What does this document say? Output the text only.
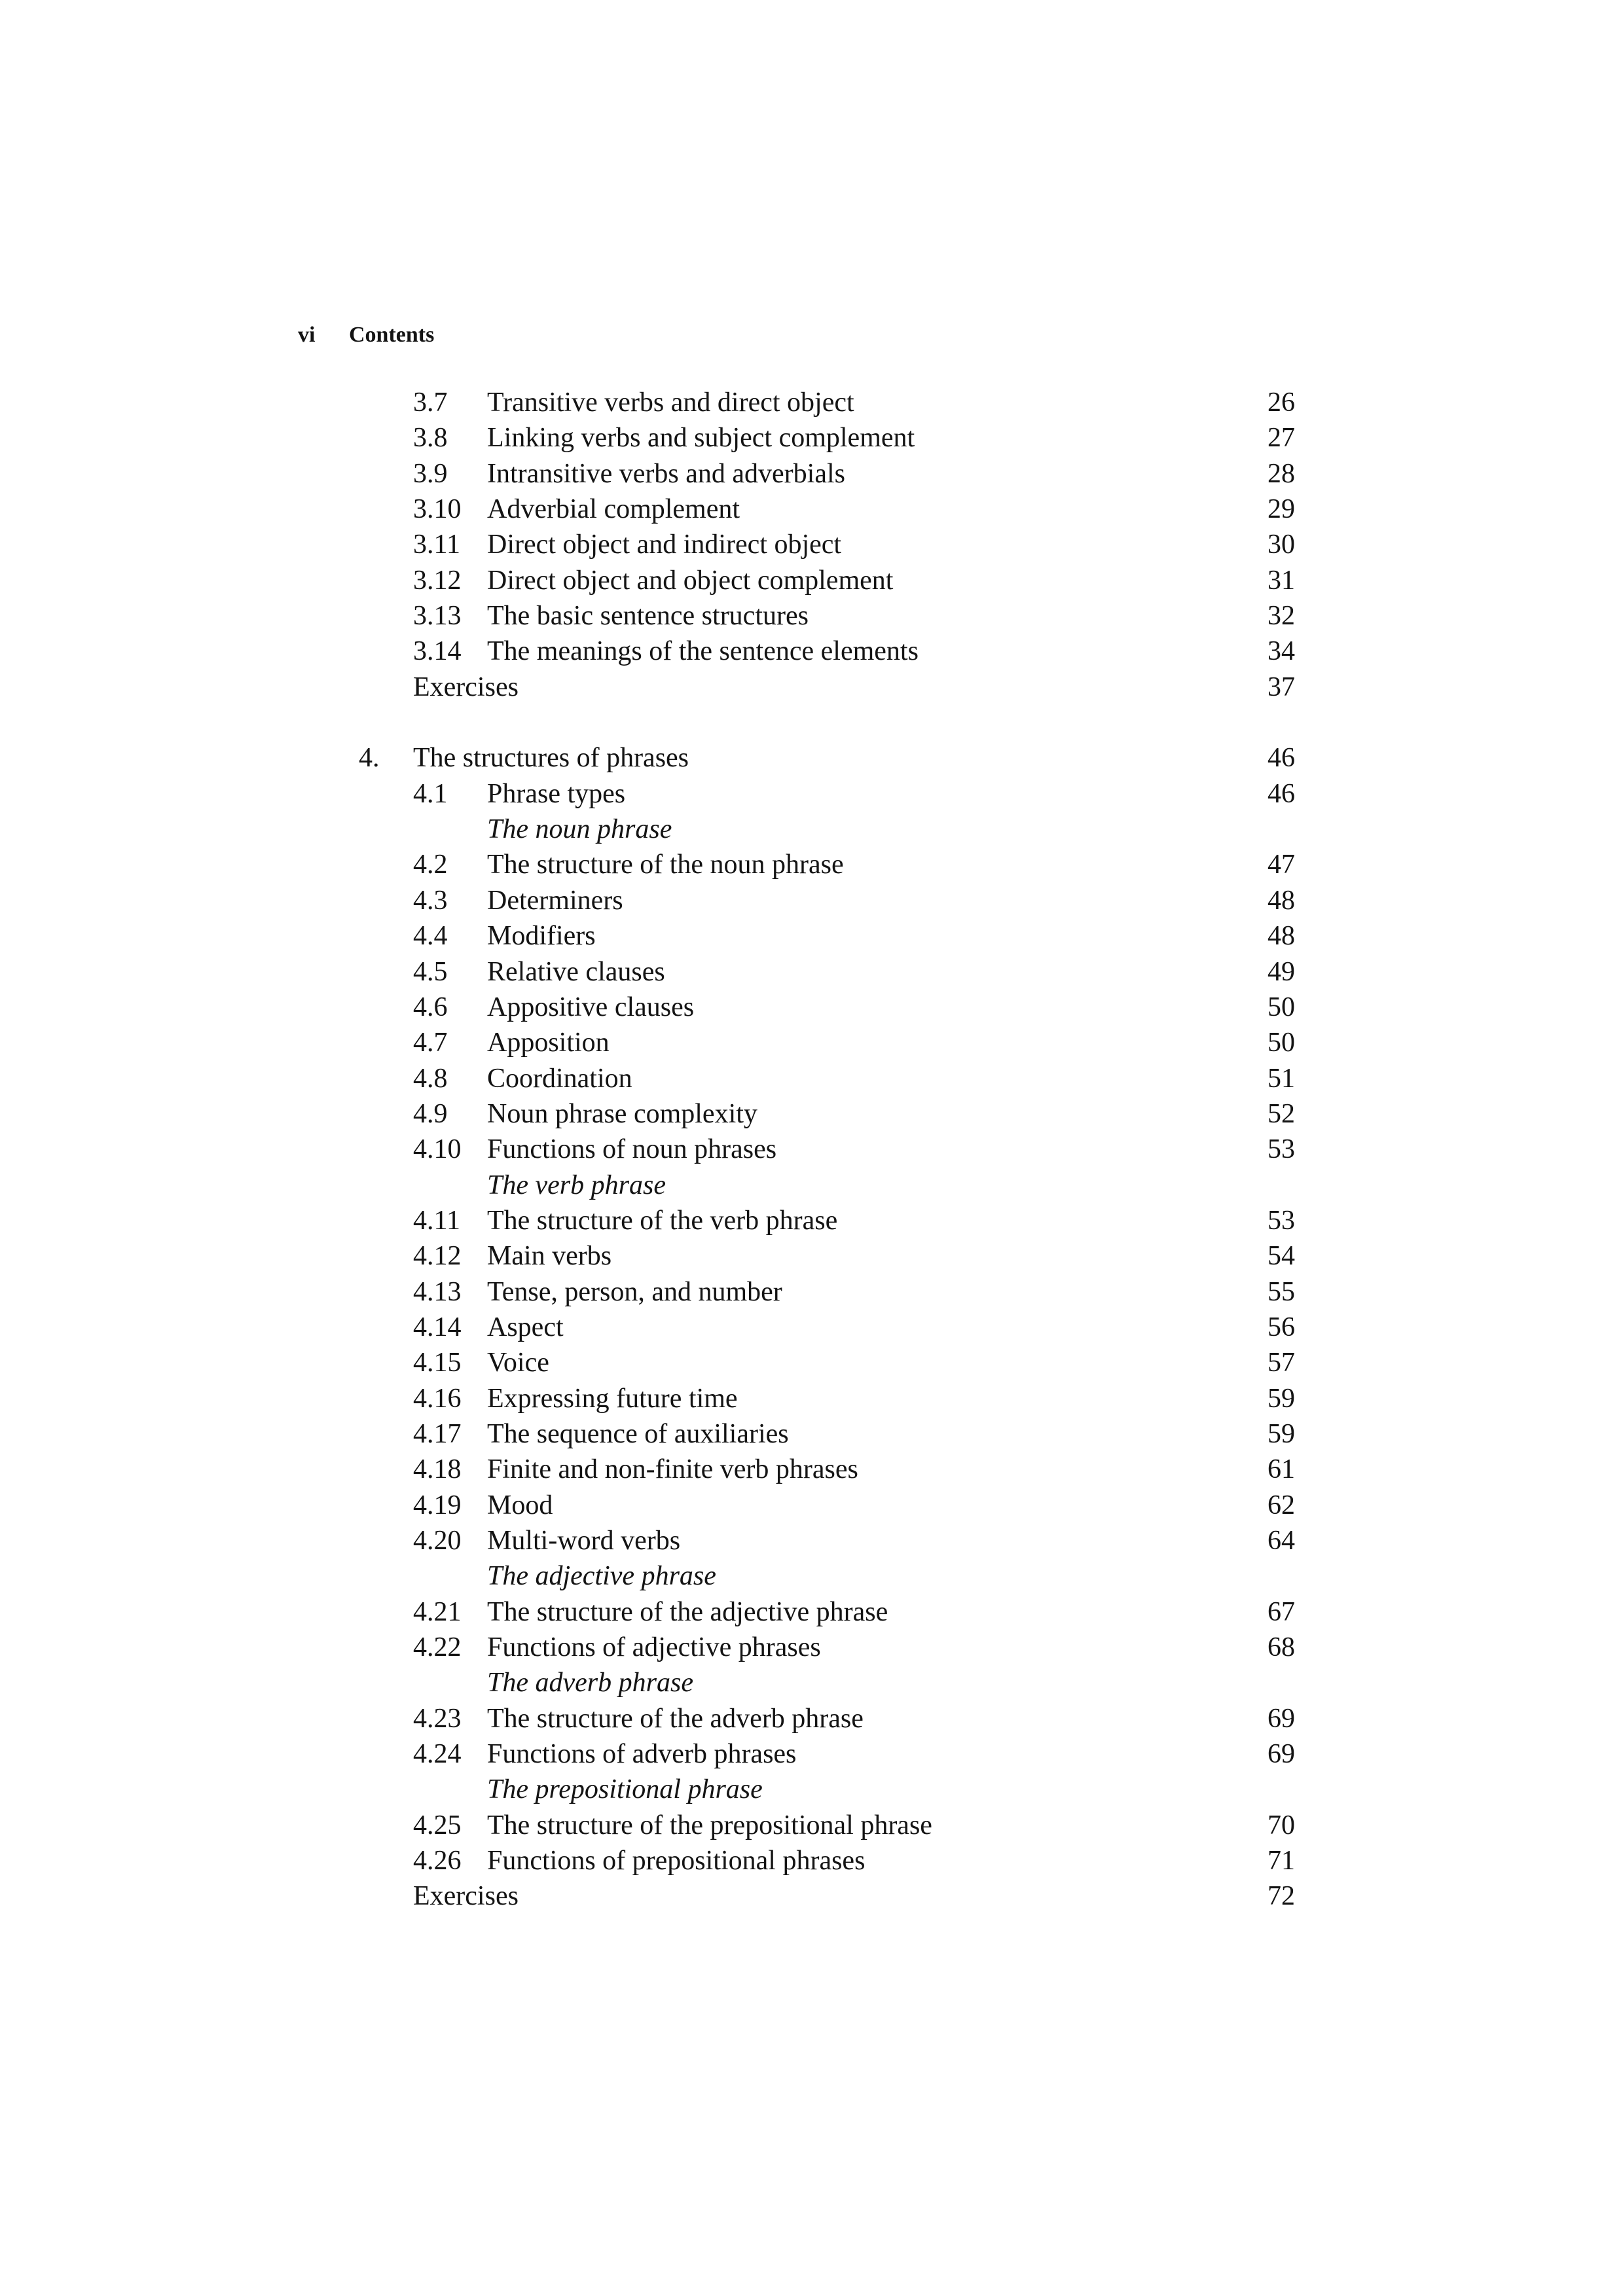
vi Contents
3.7 Transitive verbs and direct object	26
3.8 Linking verbs and subject complement	27
3.9 Intransitive verbs and adverbials	28
3.10 Adverbial complement	29
3.11 Direct object and indirect object	30
3.12 Direct object and object complement	31
3.13 The basic sentence structures	32
3.14 The meanings of the sentence elements	34
Exercises	37
4. The structures of phrases	46
4.1 Phrase types	46
The noun phrase
4.2 The structure of the noun phrase	47
4.3 Determiners	48
4.4 Modifiers	48
4.5 Relative clauses	49
4.6 Appositive clauses	50
4.7 Apposition	50
4.8 Coordination	51
4.9 Noun phrase complexity	52
4.10 Functions of noun phrases	53
The verb phrase
4.11 The structure of the verb phrase	53
4.12 Main verbs	54
4.13 Tense, person, and number	55
4.14 Aspect	56
4.15 Voice	57
4.16 Expressing future time	59
4.17 The sequence of auxiliaries	59
4.18 Finite and non-finite verb phrases	61
4.19 Mood	62
4.20 Multi-word verbs	64
The adjective phrase
4.21 The structure of the adjective phrase	67
4.22 Functions of adjective phrases	68
The adverb phrase
4.23 The structure of the adverb phrase	69
4.24 Functions of adverb phrases	69
The prepositional phrase
4.25 The structure of the prepositional phrase	70
4.26 Functions of prepositional phrases	71
Exercises	72
